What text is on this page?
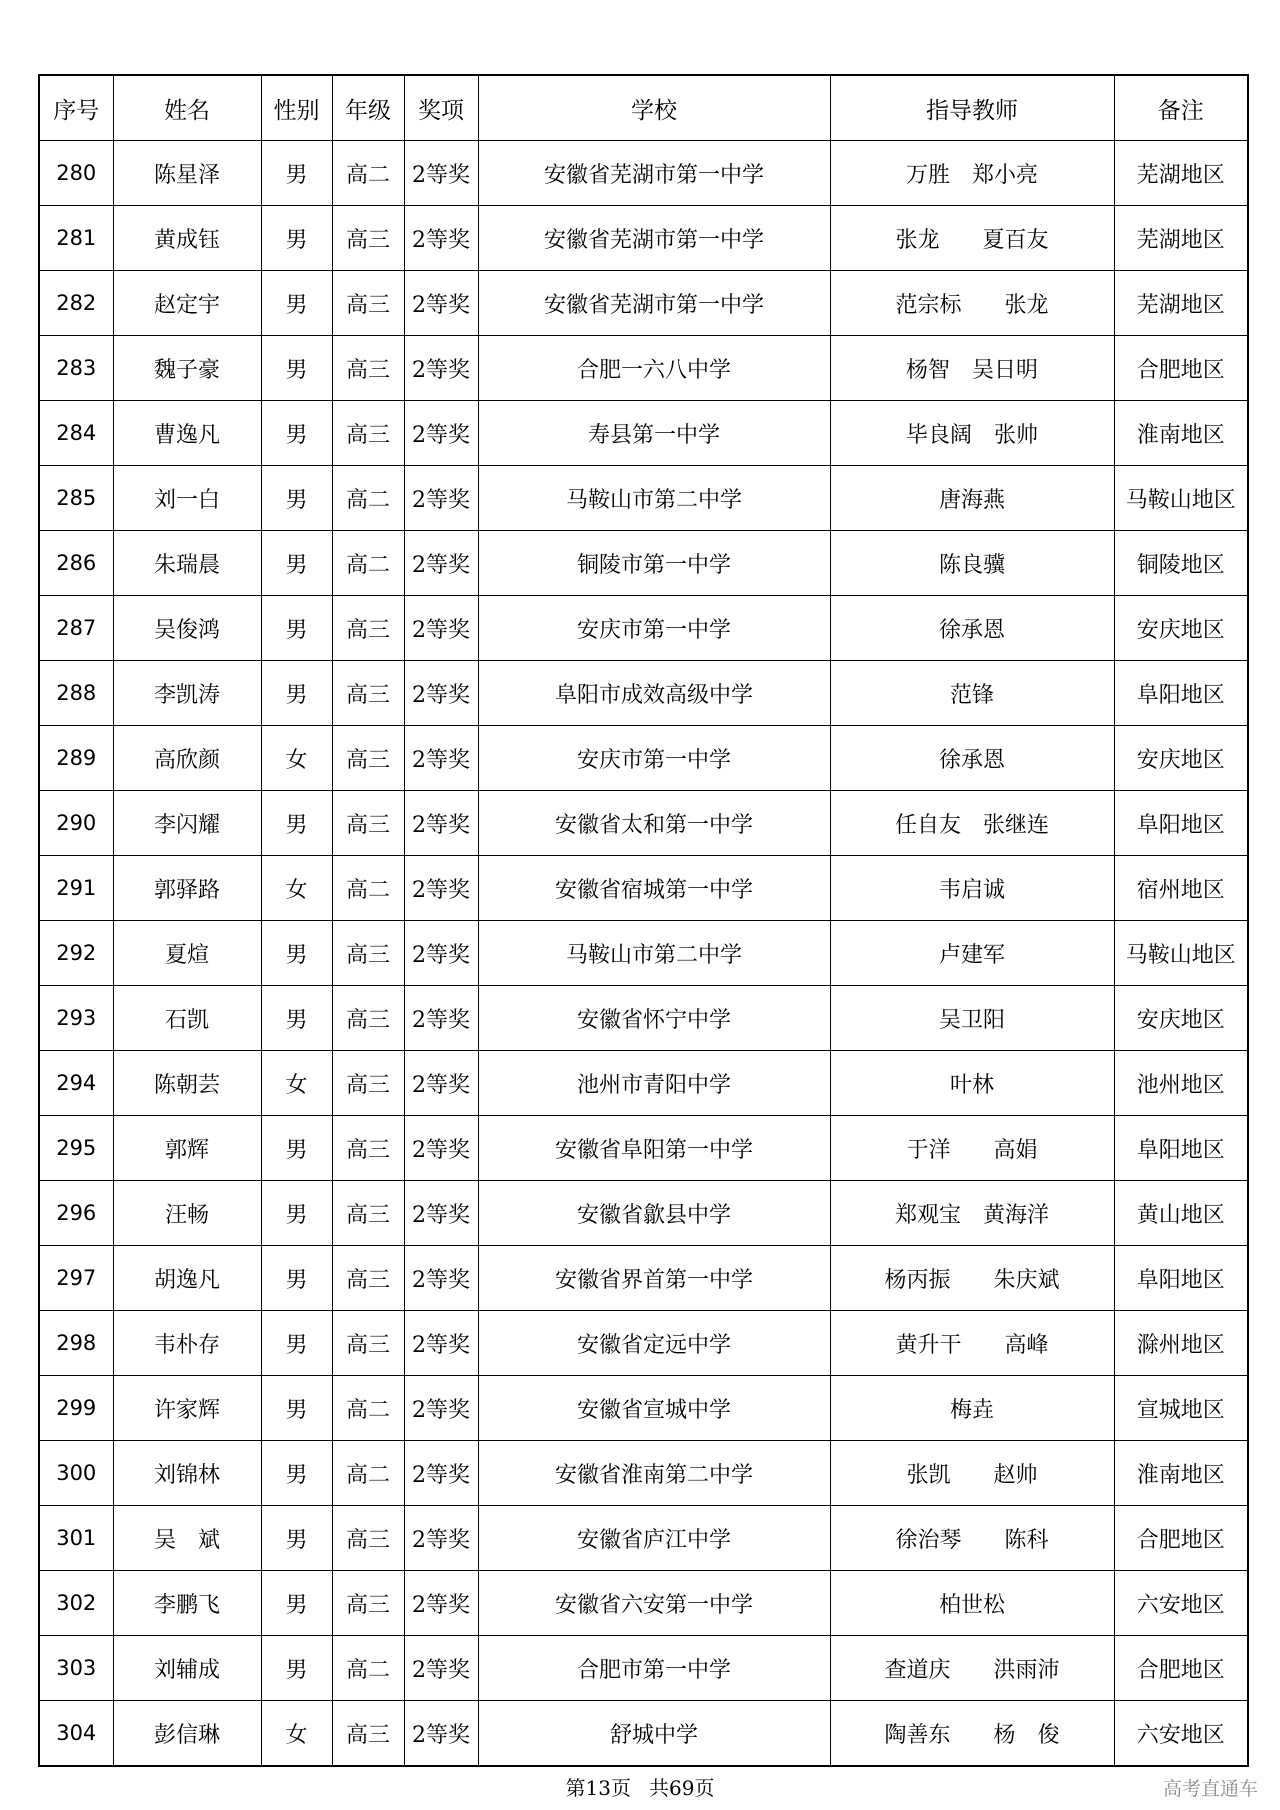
序号	姓名	性别	年级	奖项	学校	指导教师	备注
280	陈星泽	男	高二	2等奖	安徽省芜湖市第一中学	万胜　郑小亮	芜湖地区
281	黄成钰	男	高三	2等奖	安徽省芜湖市第一中学	张龙　 夏百友	芜湖地区
282	赵定宇	男	高三	2等奖	安徽省芜湖市第一中学	范宗标　 张龙	芜湖地区
283	魏子豪	男	高三	2等奖	合肥一六八中学	杨智　吴日明	合肥地区
284	曹逸凡	男	高三	2等奖	寿县第一中学	毕良阔　张帅	淮南地区
285	刘一白	男	高二	2等奖	马鞍山市第二中学	唐海燕	马鞍山地区
286	朱瑞晨	男	高二	2等奖	铜陵市第一中学	陈良骥	铜陵地区
287	吴俊鸿	男	高三	2等奖	安庆市第一中学	徐承恩	安庆地区
288	李凯涛	男	高三	2等奖	阜阳市成效高级中学	范锋	阜阳地区
289	高欣颜	女	高三	2等奖	安庆市第一中学	徐承恩	安庆地区
290	李闪耀	男	高三	2等奖	安徽省太和第一中学	任自友　张继连	阜阳地区
291	郭驿路	女	高二	2等奖	安徽省宿城第一中学	韦启诚	宿州地区
292	夏煊	男	高三	2等奖	马鞍山市第二中学	卢建军	马鞍山地区
293	石凯	男	高三	2等奖	安徽省怀宁中学	吴卫阳	安庆地区
294	陈朝芸	女	高三	2等奖	池州市青阳中学	叶林	池州地区
295	郭辉	男	高三	2等奖	安徽省阜阳第一中学	于洋　 高娟	阜阳地区
296	汪畅	男	高三	2等奖	安徽省歙县中学	郑观宝　黄海洋	黄山地区
297	胡逸凡	男	高三	2等奖	安徽省界首第一中学	杨丙振　 朱庆斌	阜阳地区
298	韦朴存	男	高三	2等奖	安徽省定远中学	黄升干　 高峰	滁州地区
299	许家辉	男	高二	2等奖	安徽省宣城中学	梅垚	宣城地区
300	刘锦林	男	高二	2等奖	安徽省淮南第二中学	张凯　 赵帅	淮南地区
301	吴　斌	男	高三	2等奖	安徽省庐江中学	徐治琴　 陈科	合肥地区
302	李鹏飞	男	高三	2等奖	安徽省六安第一中学	柏世松	六安地区
303	刘辅成	男	高二	2等奖	合肥市第一中学	查道庆　 洪雨沛	合肥地区
304	彭信琳	女	高三	2等奖	舒城中学	陶善东　 杨　俊	六安地区
第13页 共69页	高考直通车
